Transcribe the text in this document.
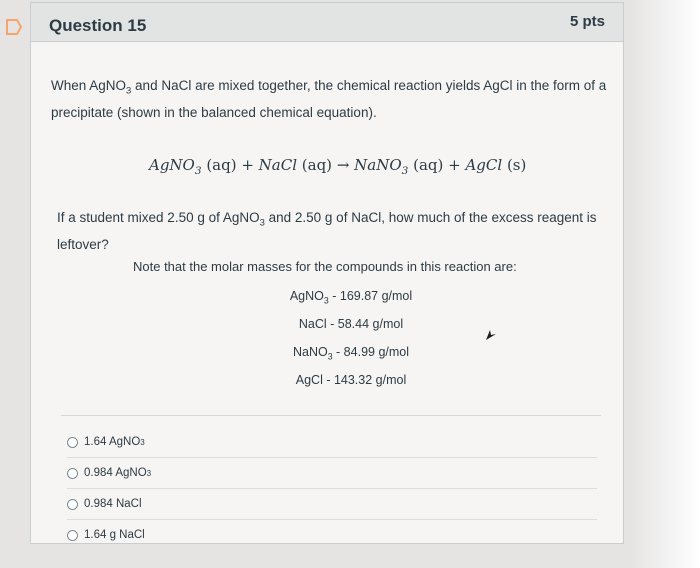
Question 15	5 pts
When AgNO$_3$ and NaCl are mixed together, the chemical reaction yields AgCl in the form of a precipitate (shown in the balanced chemical equation).
AgNO$_3$ (aq) + NaCl (aq) → NaNO$_3$ (aq) + AgCl (s)
If a student mixed 2.50 g of AgNO$_3$ and 2.50 g of NaCl, how much of the excess reagent is leftover?
Note that the molar masses for the compounds in this reaction are:
AgNO$_3$ - 169.87 g/mol
NaCl - 58.44 g/mol
NaNO$_3$ - 84.99 g/mol
AgCl - 143.32 g/mol
1.64 AgNO 3
0.984 AgNO 3
0.984 NaCl
1.64 g NaCl
